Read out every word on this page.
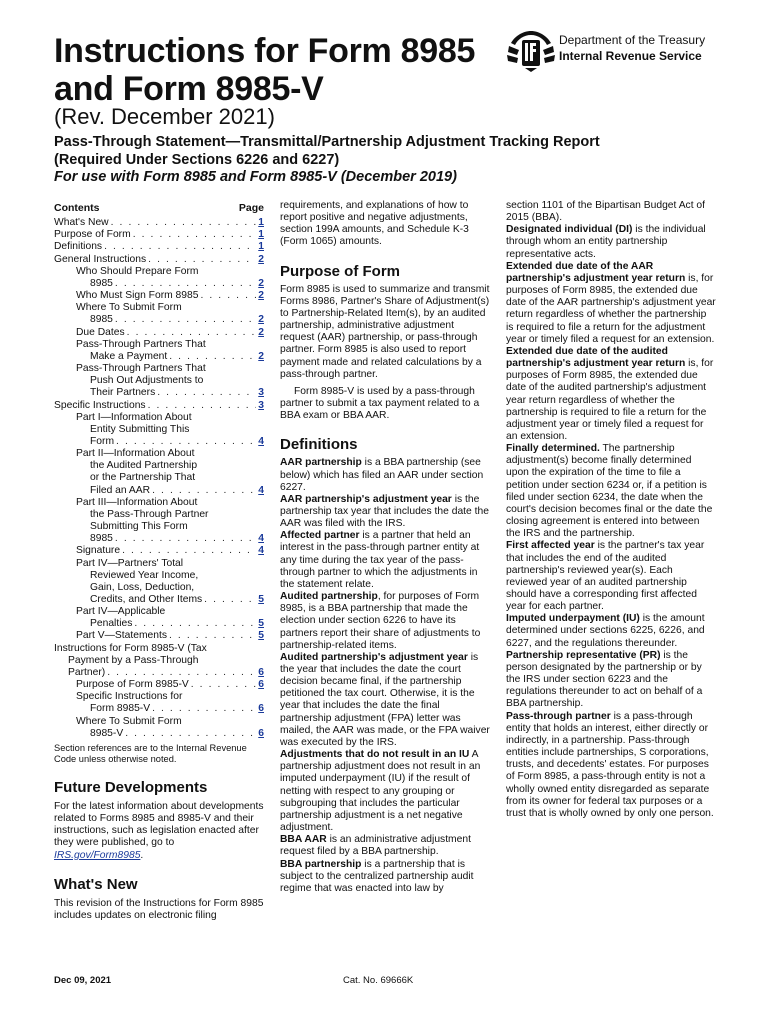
Instructions for Form 8985
and Form 8985-V
(Rev. December 2021)
Pass-Through Statement—Transmittal/Partnership Adjustment Tracking Report
(Required Under Sections 6226 and 6227)
For use with Form 8985 and Form 8985-V (December 2019)
Department of the Treasury
Internal Revenue Service
Contents	Page
What's New . . .	1
Purpose of Form . . .	1
Definitions . . .	1
General Instructions . . .	2
Who Should Prepare Form
8985 . . .	2
Who Must Sign Form 8985 . . .	2
Where To Submit Form
8985 . . .	2
Due Dates . . .	2
Pass-Through Partners That
Make a Payment . . .	2
Pass-Through Partners That
Push Out Adjustments to
Their Partners . . .	3
Specific Instructions . . .	3
Part I—Information About
Entity Submitting This
Form . . .	4
Part II—Information About
the Audited Partnership
or the Partnership That
Filed an AAR . . .	4
Part III—Information About
the Pass-Through Partner
Submitting This Form
8985 . . .	4
Signature . . .	4
Part IV—Partners' Total
Reviewed Year Income,
Gain, Loss, Deduction,
Credits, and Other Items . . .	5
Part IV—Applicable
Penalties . . .	5
Part V—Statements . . .	5
Instructions for Form 8985-V (Tax
Payment by a Pass-Through
Partner) . . .	6
Purpose of Form 8985-V . . .	6
Specific Instructions for
Form 8985-V . . .	6
Where To Submit Form
8985-V . . .	6
Section references are to the Internal Revenue Code unless otherwise noted.
Future Developments

For the latest information about developments related to Forms 8985 and 8985-V and their instructions, such as legislation enacted after they were published, go to IRS.gov/Form8985.

What's New

This revision of the Instructions for Form 8985 includes updates on electronic filing

requirements, and explanations of how to report positive and negative adjustments, section 199A amounts, and Schedule K-3 (Form 1065) amounts.

Purpose of Form

Form 8985 is used to summarize and transmit Forms 8986, Partner's Share of Adjustment(s) to Partnership-Related Item(s), by an audited partnership, administrative adjustment request (AAR) partnership, or pass-through partner. Form 8985 is also used to report payment made and related calculations by a pass-through partner.

Form 8985-V is used by a pass-through partner to submit a tax payment related to a BBA exam or BBA AAR.

Definitions

AAR partnership is a BBA partnership (see below) which has filed an AAR under section 6227.

AAR partnership's adjustment year is the partnership tax year that includes the date the AAR was filed with the IRS.

Affected partner is a partner that held an interest in the pass-through partner entity at any time during the tax year of the pass-through partner to which the adjustments in the statement relate.

Audited partnership, for purposes of Form 8985, is a BBA partnership that made the election under section 6226 to have its partners report their share of adjustments to partnership-related items.

Audited partnership's adjustment year is the year that includes the date the court decision became final, if the partnership petitioned the tax court. Otherwise, it is the year that includes the date the final partnership adjustment (FPA) letter was mailed, the AAR was made, or the FPA waiver was executed by the IRS.

Adjustments that do not result in an IU A partnership adjustment does not result in an imputed underpayment (IU) if the result of netting with respect to any grouping or subgrouping that includes the particular partnership adjustment is a net negative adjustment.

BBA AAR is an administrative adjustment request filed by a BBA partnership.

BBA partnership is a partnership that is subject to the centralized partnership audit regime that was enacted into law by

section 1101 of the Bipartisan Budget Act of 2015 (BBA).

Designated individual (DI) is the individual through whom an entity partnership representative acts.

Extended due date of the AAR partnership's adjustment year return is, for purposes of Form 8985, the extended due date of the AAR partnership's adjustment year return regardless of whether the partnership is required to file a return for the adjustment year or timely filed a request for an extension.

Extended due date of the audited partnership's adjustment year return is, for purposes of Form 8985, the extended due date of the audited partnership's adjustment year return regardless of whether the partnership is required to file a return for the adjustment year or timely filed a request for an extension.

Finally determined. The partnership adjustment(s) become finally determined upon the expiration of the time to file a petition under section 6234 or, if a petition is filed under section 6234, the date when the court's decision becomes final or the date the closing agreement is entered into between the IRS and the partnership.

First affected year is the partner's tax year that includes the end of the audited partnership's reviewed year(s). Each reviewed year of an audited partnership should have a corresponding first affected year for each partner.

Imputed underpayment (IU) is the amount determined under sections 6225, 6226, and 6227, and the regulations thereunder.

Partnership representative (PR) is the person designated by the partnership or by the IRS under section 6223 and the regulations thereunder to act on behalf of a BBA partnership.

Pass-through partner is a pass-through entity that holds an interest, either directly or indirectly, in a partnership. Pass-through entities include partnerships, S corporations, trusts, and decedents' estates. For purposes of Form 8985, a pass-through entity is not a wholly owned entity disregarded as separate from its owner for federal tax purposes or a trust that is wholly owned by only one person.

Dec 09, 2021	Cat. No. 69666K
